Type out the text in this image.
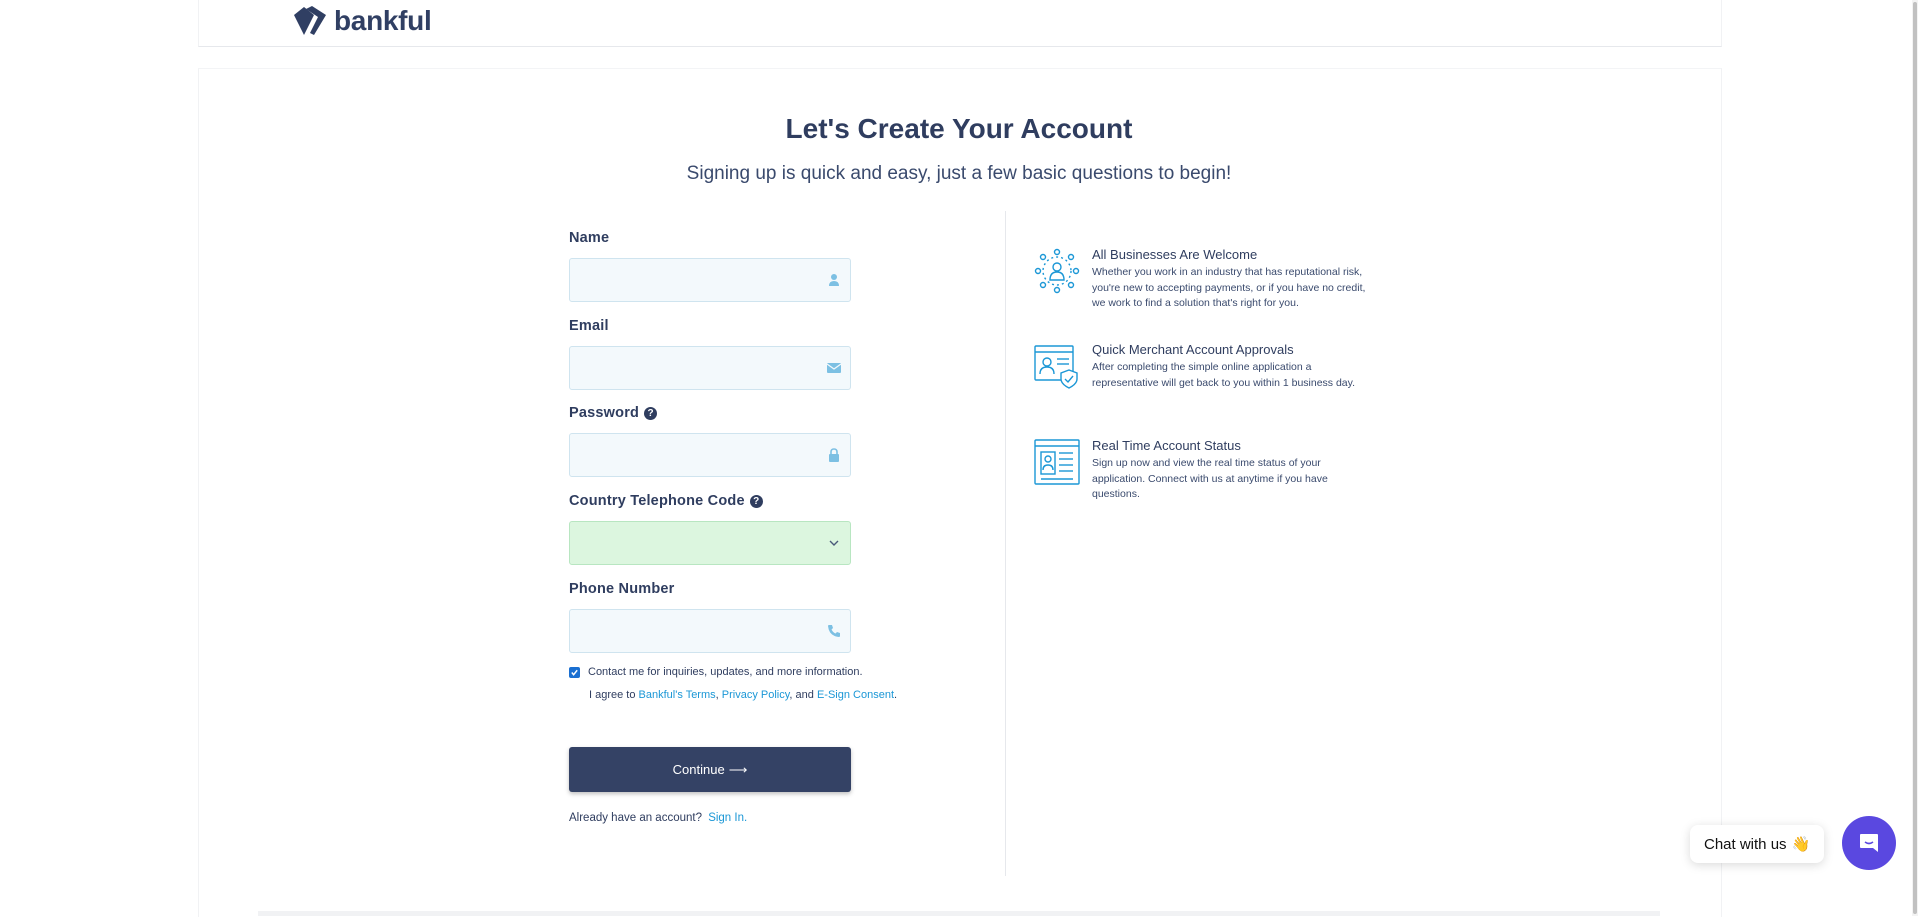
bankful
Let's Create Your Account

Signing up is quick and easy, just a few basic questions to begin!

Name
Email
Password ?
Country Telephone Code ?
Phone Number
Contact me for inquiries, updates, and more information.
I agree to Bankful's Terms, Privacy Policy, and E-Sign Consent.
Continue ⟶
Already have an account? Sign In.

All Businesses Are Welcome

Whether you work in an industry that has reputational risk, you're new to accepting payments, or if you have no credit, we work to find a solution that's right for you.

Quick Merchant Account Approvals

After completing the simple online application a representative will get back to you within 1 business day.

Real Time Account Status

Sign up now and view the real time status of your application. Connect with us at anytime if you have questions.

Chat with us 👋
